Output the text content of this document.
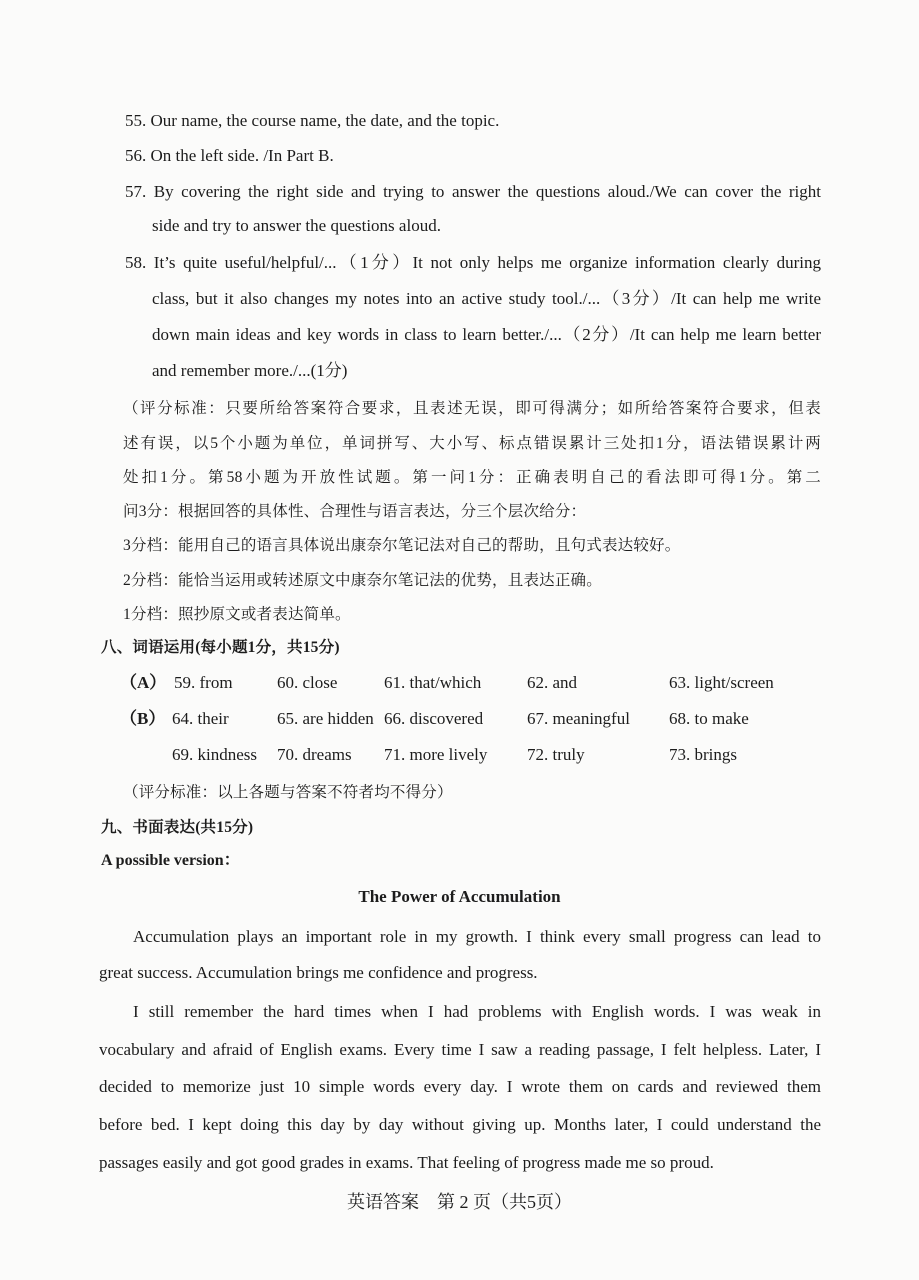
55. Our name, the course name, the date, and the topic.
56. On the left side. /In Part B.
57. By covering the right side and trying to answer the questions aloud./We can cover the right
side and try to answer the questions aloud.
58. It’s quite useful/helpful/...（1分）It not only helps me organize information clearly during
class, but it also changes my notes into an active study tool./...（3分）/It can help me write
down main ideas and key words in class to learn better./...（2分）/It can help me learn better
and remember more./...(1分)
（评分标准：只要所给答案符合要求，且表述无误，即可得满分；如所给答案符合要求，但表
述有误，以5个小题为单位，单词拼写、大小写、标点错误累计三处扣1分，语法错误累计两
处扣1分。第58小题为开放性试题。第一问1分：正确表明自己的看法即可得1分。第二
问3分：根据回答的具体性、合理性与语言表达，分三个层次给分：
3分档：能用自己的语言具体说出康奈尔笔记法对自己的帮助，且句式表达较好。
2分档：能恰当运用或转述原文中康奈尔笔记法的优势，且表达正确。
1分档：照抄原文或者表达简单。
八、词语运用(每小题1分，共15分)
（A） 59. from	60. close	61. that/which	62. and	63. light/screen
（B） 64. their	65. are hidden 66. discovered	67. meaningful 68. to make
69. kindness 70. dreams 71. more lively 72. truly	73. brings
（评分标准：以上各题与答案不符者均不得分）
九、书面表达(共15分)
A possible version：
The Power of Accumulation
Accumulation plays an important role in my growth. I think every small progress can lead to
great success. Accumulation brings me confidence and progress.
I still remember the hard times when I had problems with English words. I was weak in
vocabulary and afraid of English exams. Every time I saw a reading passage, I felt helpless. Later, I
decided to memorize just 10 simple words every day. I wrote them on cards and reviewed them
before bed. I kept doing this day by day without giving up. Months later, I could understand the
passages easily and got good grades in exams. That feeling of progress made me so proud.
英语答案　第 2 页（共5页）
